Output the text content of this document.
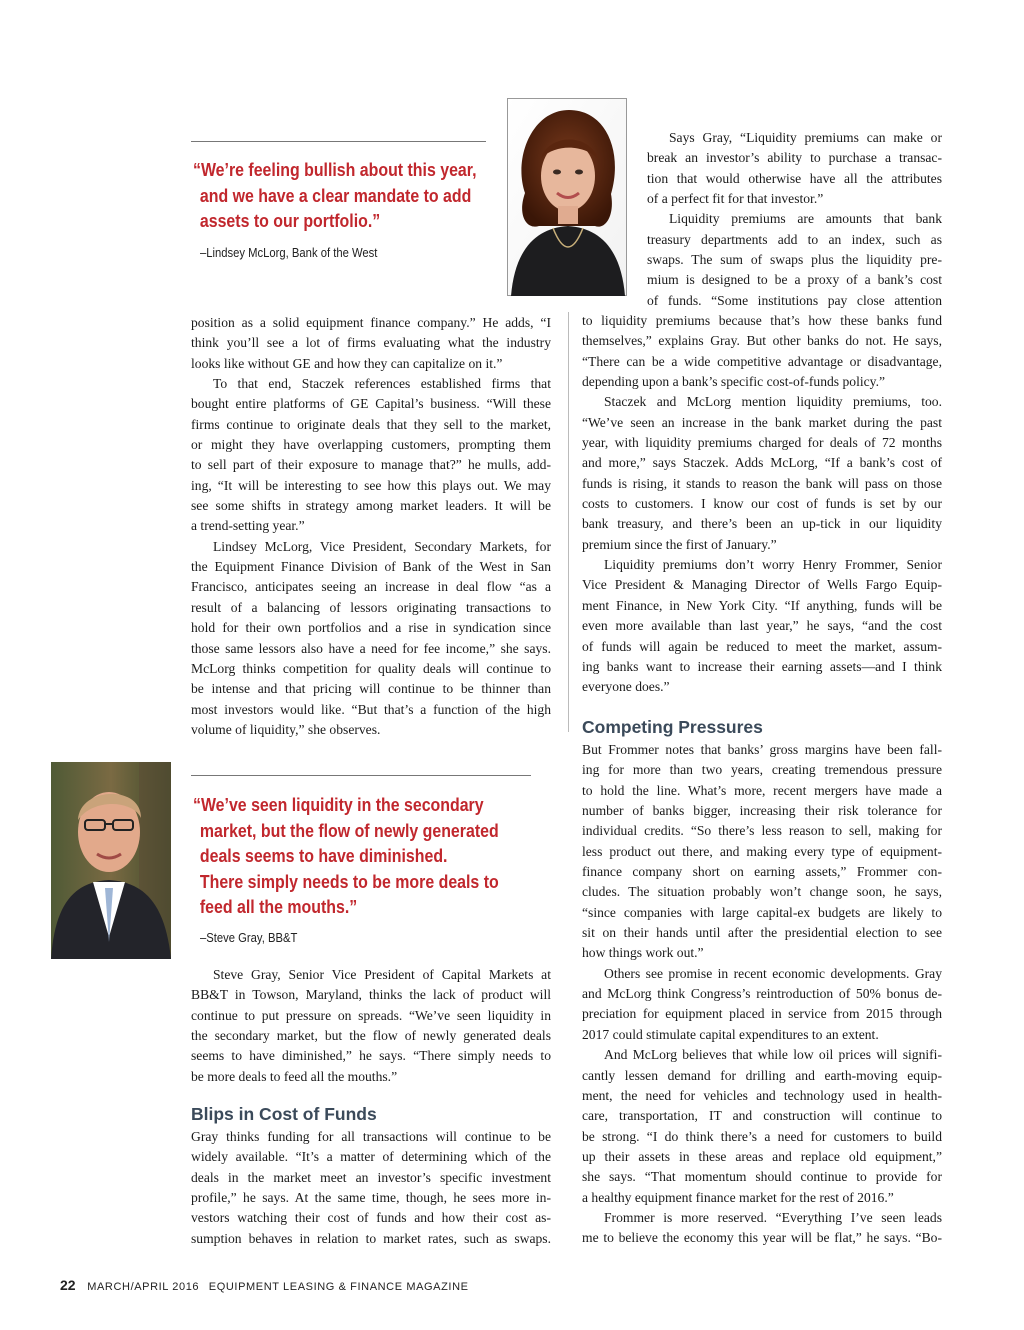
“We’re feeling bullish about this year,
and we have a clear mandate to add
assets to our portfolio.”
–Lindsey McLorg, Bank of the West
“We’ve seen liquidity in the secondary
market, but the flow of newly generated
deals seems to have diminished.
There simply needs to be more deals to
feed all the mouths.”
–Steve Gray, BB&T
position as a solid equipment finance company.” He adds, “I
think you’ll see a lot of firms evaluating what the industry
looks like without GE and how they can capitalize on it.”
To that end, Staczek references established firms that
bought entire platforms of GE Capital’s business. “Will these
firms continue to originate deals that they sell to the market,
or might they have overlapping customers, prompting them
to sell part of their exposure to manage that?” he mulls, add-
ing, “It will be interesting to see how this plays out. We may
see some shifts in strategy among market leaders. It will be
a trend-setting year.”
Lindsey McLorg, Vice President, Secondary Markets, for
the Equipment Finance Division of Bank of the West in San
Francisco, anticipates seeing an increase in deal flow “as a
result of a balancing of lessors originating transactions to
hold for their own portfolios and a rise in syndication since
those same lessors also have a need for fee income,” she says.
McLorg thinks competition for quality deals will continue to
be intense and that pricing will continue to be thinner than
most investors would like. “But that’s a function of the high
volume of liquidity,” she observes.
Steve Gray, Senior Vice President of Capital Markets at
BB&T in Towson, Maryland, thinks the lack of product will
continue to put pressure on spreads. “We’ve seen liquidity in
the secondary market, but the flow of newly generated deals
seems to have diminished,” he says. “There simply needs to
be more deals to feed all the mouths.”
Blips in Cost of Funds
Gray thinks funding for all transactions will continue to be
widely available. “It’s a matter of determining which of the
deals in the market meet an investor’s specific investment
profile,” he says. At the same time, though, he sees more in-
vestors watching their cost of funds and how their cost as-
sumption behaves in relation to market rates, such as swaps.
Says Gray, “Liquidity premiums can make or
break an investor’s ability to purchase a transac-
tion that would otherwise have all the attributes
of a perfect fit for that investor.”
Liquidity premiums are amounts that bank
treasury departments add to an index, such as
swaps. The sum of swaps plus the liquidity pre-
mium is designed to be a proxy of a bank’s cost
of funds. “Some institutions pay close attention
to liquidity premiums because that’s how these banks fund
themselves,” explains Gray. But other banks do not. He says,
“There can be a wide competitive advantage or disadvantage,
depending upon a bank’s specific cost-of-funds policy.”
Staczek and McLorg mention liquidity premiums, too.
“We’ve seen an increase in the bank market during the past
year, with liquidity premiums charged for deals of 72 months
and more,” says Staczek. Adds McLorg, “If a bank’s cost of
funds is rising, it stands to reason the bank will pass on those
costs to customers. I know our cost of funds is set by our
bank treasury, and there’s been an up-tick in our liquidity
premium since the first of January.”
Liquidity premiums don’t worry Henry Frommer, Senior
Vice President & Managing Director of Wells Fargo Equip-
ment Finance, in New York City. “If anything, funds will be
even more available than last year,” he says, “and the cost
of funds will again be reduced to meet the market, assum-
ing banks want to increase their earning assets—and I think
everyone does.”
Competing Pressures
But Frommer notes that banks’ gross margins have been fall-
ing for more than two years, creating tremendous pressure
to hold the line. What’s more, recent mergers have made a
number of banks bigger, increasing their risk tolerance for
individual credits. “So there’s less reason to sell, making for
less product out there, and making every type of equipment-
finance company short on earning assets,” Frommer con-
cludes. The situation probably won’t change soon, he says,
“since companies with large capital-ex budgets are likely to
sit on their hands until after the presidential election to see
how things work out.”
Others see promise in recent economic developments. Gray
and McLorg think Congress’s reintroduction of 50% bonus de-
preciation for equipment placed in service from 2015 through
2017 could stimulate capital expenditures to an extent.
And McLorg believes that while low oil prices will signifi-
cantly lessen demand for drilling and earth-moving equip-
ment, the need for vehicles and technology used in health-
care, transportation, IT and construction will continue to
be strong. “I do think there’s a need for customers to build
up their assets in these areas and replace old equipment,”
she says. “That momentum should continue to provide for
a healthy equipment finance market for the rest of 2016.”
Frommer is more reserved. “Everything I’ve seen leads
me to believe the economy this year will be flat,” he says. “Bo-
22 MARCH/APRIL 2016 EQUIPMENT LEASING & FINANCE MAGAZINE
